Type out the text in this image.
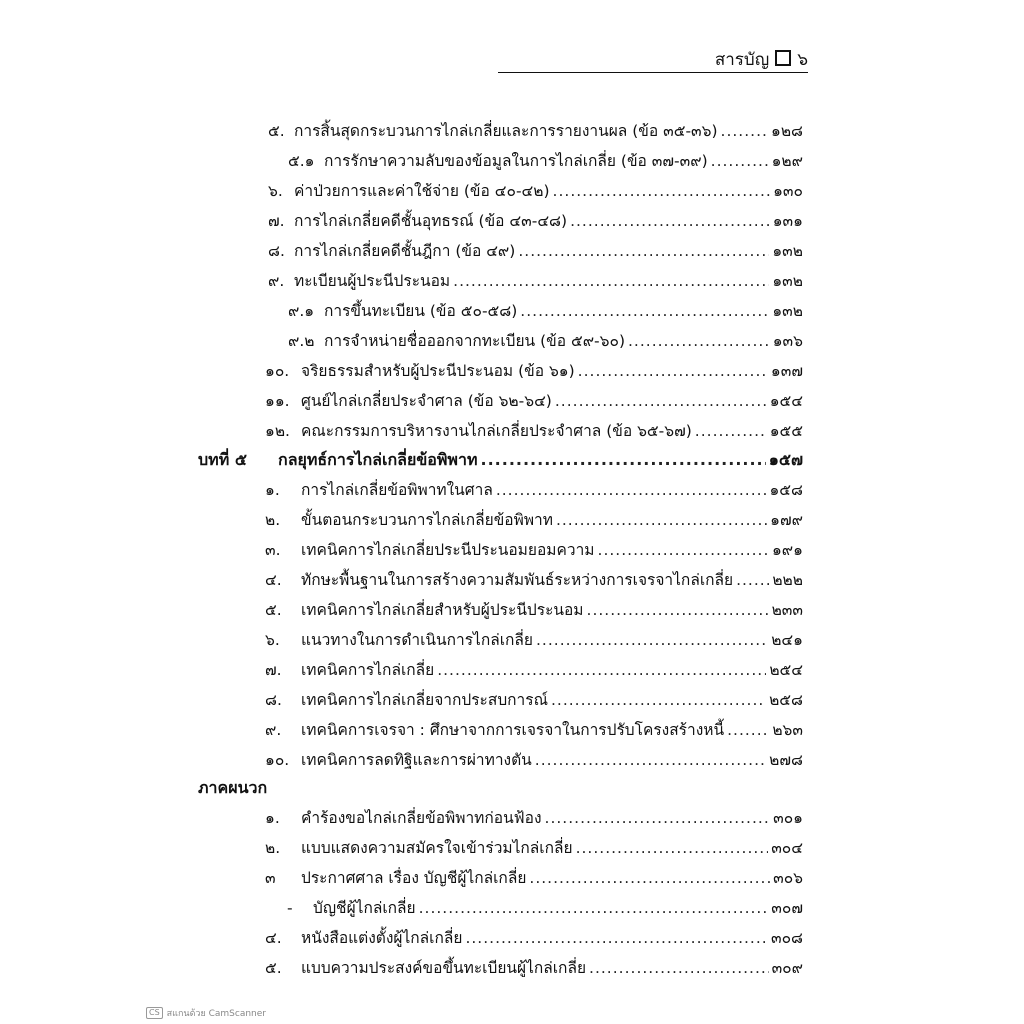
สารบัญ ๖
๕. การสิ้นสุดกระบวนการไกล่เกลี่ยและการรายงานผล (ข้อ ๓๕-๓๖) .....	๑๒๘
๕.๑ การรักษาความลับของข้อมูลในการไกล่เกลี่ย (ข้อ ๓๗-๓๙) .....	๑๒๙
๖. ค่าป่วยการและค่าใช้จ่าย (ข้อ ๔๐-๔๒) .....	๑๓๐
๗. การไกล่เกลี่ยคดีชั้นอุทธรณ์ (ข้อ ๔๓-๔๘) .....	๑๓๑
๘. การไกล่เกลี่ยคดีชั้นฎีกา (ข้อ ๔๙) .....	๑๓๒
๙. ทะเบียนผู้ประนีประนอม .....	๑๓๒
๙.๑ การขึ้นทะเบียน (ข้อ ๕๐-๕๘) .....	๑๓๒
๙.๒ การจำหน่ายชื่อออกจากทะเบียน (ข้อ ๕๙-๖๐) .....	๑๓๖
๑๐. จริยธรรมสำหรับผู้ประนีประนอม (ข้อ ๖๑) .....	๑๓๗
๑๑. ศูนย์ไกล่เกลี่ยประจำศาล (ข้อ ๖๒-๖๔) .....	๑๕๔
๑๒. คณะกรรมการบริหารงานไกล่เกลี่ยประจำศาล (ข้อ ๖๕-๖๗) .....	๑๕๕
บทที่ ๕	กลยุทธ์การไกล่เกลี่ยข้อพิพาท .....	๑๕๗
๑.	การไกล่เกลี่ยข้อพิพาทในศาล .....	๑๕๘
๒.	ขั้นตอนกระบวนการไกล่เกลี่ยข้อพิพาท .....	๑๗๙
๓.	เทคนิคการไกล่เกลี่ยประนีประนอมยอมความ .....	๑๙๑
๔.	ทักษะพื้นฐานในการสร้างความสัมพันธ์ระหว่างการเจรจาไกล่เกลี่ย .....	๒๒๒
๕.	เทคนิคการไกล่เกลี่ยสำหรับผู้ประนีประนอม .....	๒๓๓
๖.	แนวทางในการดำเนินการไกล่เกลี่ย .....	๒๔๑
๗.	เทคนิคการไกล่เกลี่ย .....	๒๕๔
๘.	เทคนิคการไกล่เกลี่ยจากประสบการณ์ .....	๒๕๘
๙.	เทคนิคการเจรจา : ศึกษาจากการเจรจาในการปรับโครงสร้างหนี้ .....	๒๖๓
๑๐. เทคนิคการลดทิฐิและการผ่าทางตัน .....	๒๗๘
ภาคผนวก
๑.	คำร้องขอไกล่เกลี่ยข้อพิพาทก่อนฟ้อง .....	๓๐๑
๒.	แบบแสดงความสมัครใจเข้าร่วมไกล่เกลี่ย .....	๓๐๔
๓	ประกาศศาล เรื่อง บัญชีผู้ไกล่เกลี่ย .....	๓๐๖
-	บัญชีผู้ไกล่เกลี่ย .....	๓๐๗
๔.	หนังสือแต่งตั้งผู้ไกล่เกลี่ย .....	๓๐๘
๕.	แบบความประสงค์ขอขึ้นทะเบียนผู้ไกล่เกลี่ย .....	๓๐๙
CS สแกนด้วย CamScanner
